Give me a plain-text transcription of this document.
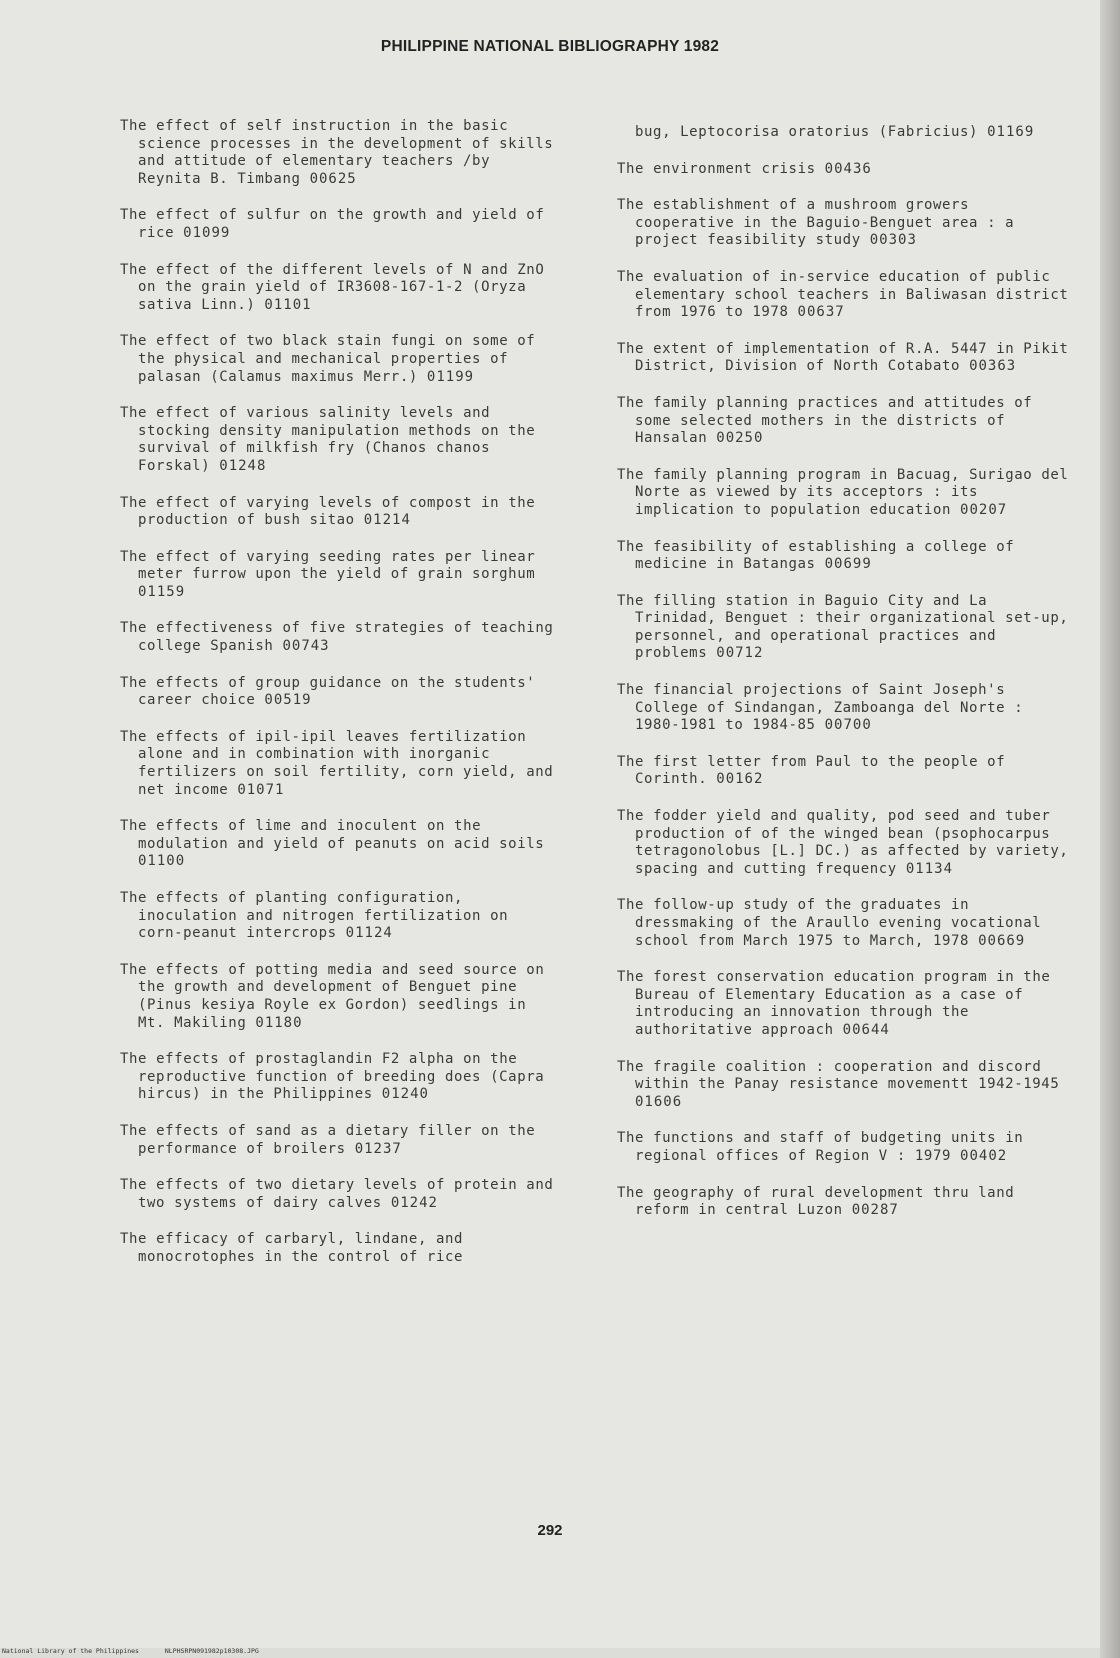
PHILIPPINE NATIONAL BIBLIOGRAPHY 1982
The effect of self instruction in the basic science processes in the development of skills and attitude of elementary teachers /by Reynita B. Timbang 00625
The effect of sulfur on the growth and yield of rice 01099
The effect of the different levels of N and ZnO on the grain yield of IR3608-167-1-2 (Oryza sativa Linn.) 01101
The effect of two black stain fungi on some of the physical and mechanical properties of palasan (Calamus maximus Merr.) 01199
The effect of various salinity levels and stocking density manipulation methods on the survival of milkfish fry (Chanos chanos Forskal) 01248
The effect of varying levels of compost in the production of bush sitao 01214
The effect of varying seeding rates per linear meter furrow upon the yield of grain sorghum 01159
The effectiveness of five strategies of teaching college Spanish 00743
The effects of group guidance on the students' career choice 00519
The effects of ipil-ipil leaves fertilization alone and in combination with inorganic fertilizers on soil fertility, corn yield, and net income 01071
The effects of lime and inoculent on the modulation and yield of peanuts on acid soils 01100
The effects of planting configuration, inoculation and nitrogen fertilization on corn-peanut intercrops 01124
The effects of potting media and seed source on the growth and development of Benguet pine (Pinus kesiya Royle ex Gordon) seedlings in Mt. Makiling 01180
The effects of prostaglandin F2 alpha on the reproductive function of breeding does (Capra hircus) in the Philippines 01240
The effects of sand as a dietary filler on the performance of broilers 01237
The effects of two dietary levels of protein and two systems of dairy calves 01242
The efficacy of carbaryl, lindane, and monocrotophes in the control of rice
bug, Leptocorisa oratorius (Fabricius) 01169
The environment crisis 00436
The establishment of a mushroom growers cooperative in the Baguio-Benguet area : a project feasibility study 00303
The evaluation of in-service education of public elementary school teachers in Baliwasan district from 1976 to 1978 00637
The extent of implementation of R.A. 5447 in Pikit District, Division of North Cotabato 00363
The family planning practices and attitudes of some selected mothers in the districts of Hansalan 00250
The family planning program in Bacuag, Surigao del Norte as viewed by its acceptors : its implication to population education 00207
The feasibility of establishing a college of medicine in Batangas 00699
The filling station in Baguio City and La Trinidad, Benguet : their organizational set-up, personnel, and operational practices and problems 00712
The financial projections of Saint Joseph's College of Sindangan, Zamboanga del Norte : 1980-1981 to 1984-85 00700
The first letter from Paul to the people of Corinth. 00162
The fodder yield and quality, pod seed and tuber production of of the winged bean (psophocarpus tetragonolobus [L.] DC.) as affected by variety, spacing and cutting frequency 01134
The follow-up study of the graduates in dressmaking of the Araullo evening vocational school from March 1975 to March, 1978 00669
The forest conservation education program in the Bureau of Elementary Education as a case of introducing an innovation through the authoritative approach 00644
The fragile coalition : cooperation and discord within the Panay resistance movementt 1942-1945 01606
The functions and staff of budgeting units in regional offices of Region V : 1979 00402
The geography of rural development thru land reform in central Luzon 00287
292
National Library of the Philippines	NLPHSRPN091982p10308.JPG
